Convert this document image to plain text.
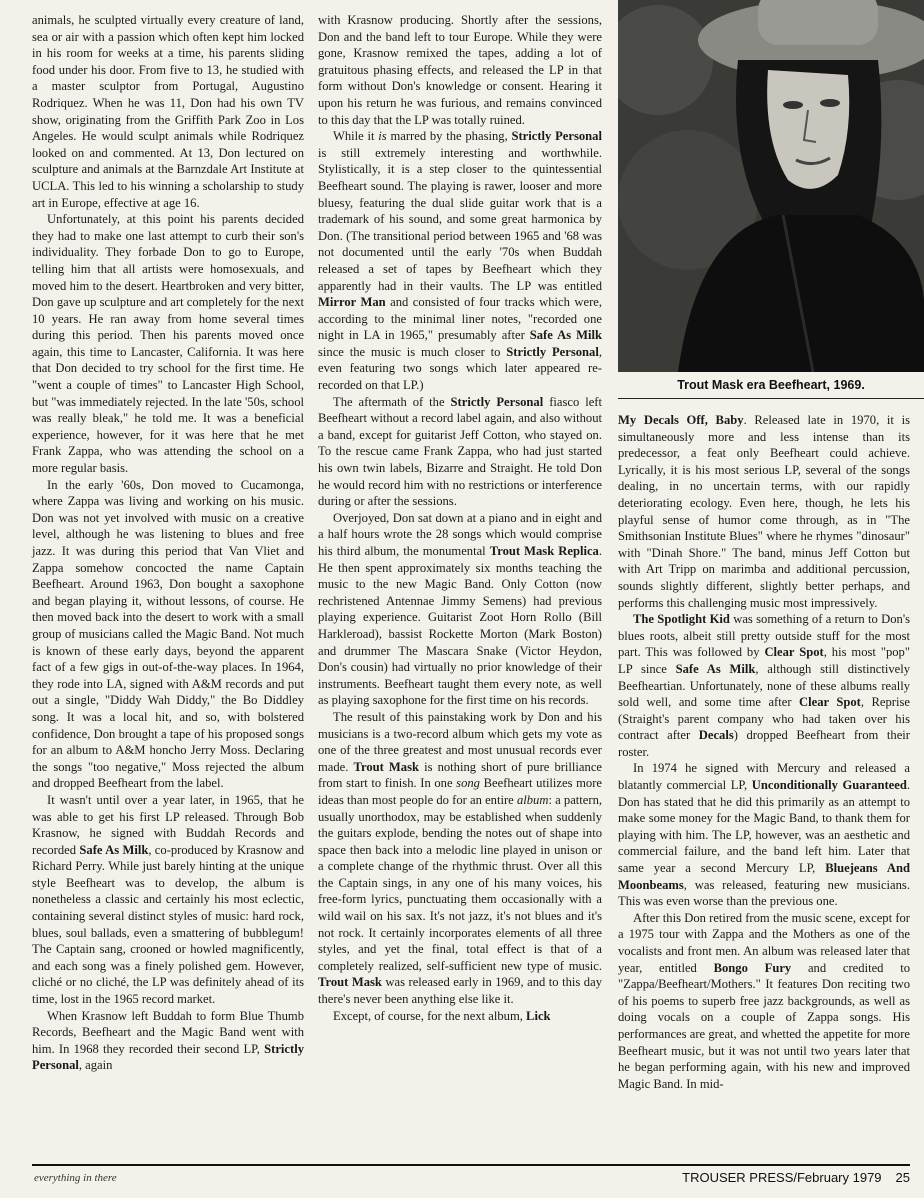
animals, he sculpted virtually every creature of land, sea or air with a passion which often kept him locked in his room for weeks at a time, his parents sliding food under his door. From five to 13, he studied with a master sculptor from Portugal, Augustino Rodriquez. When he was 11, Don had his own TV show, originating from the Griffith Park Zoo in Los Angeles. He would sculpt animals while Rodriquez looked on and commented. At 13, Don lectured on sculpture and animals at the Barnzdale Art Institute at UCLA. This led to his winning a scholarship to study art in Europe, effective at age 16.

Unfortunately, at this point his parents decided they had to make one last attempt to curb their son's individuality. They forbade Don to go to Europe, telling him that all artists were homosexuals, and moved him to the desert. Heartbroken and very bitter, Don gave up sculpture and art completely for the next 10 years. He ran away from home several times during this period. Then his parents moved once again, this time to Lancaster, California. It was here that Don decided to try school for the first time. He "went a couple of times" to Lancaster High School, but "was immediately rejected. In the late '50s, school was really bleak," he told me. It was a beneficial experience, however, for it was here that he met Frank Zappa, who was attending the school on a more regular basis.

In the early '60s, Don moved to Cucamonga, where Zappa was living and working on his music. Don was not yet involved with music on a creative level, although he was listening to blues and free jazz. It was during this period that Van Vliet and Zappa somehow concocted the name Captain Beefheart. Around 1963, Don bought a saxophone and began playing it, without lessons, of course. He then moved back into the desert to work with a small group of musicians called the Magic Band. Not much is known of these early days, beyond the apparent fact of a few gigs in out-of-the-way places. In 1964, they rode into LA, signed with A&M records and put out a single, "Diddy Wah Diddy," the Bo Diddley song. It was a local hit, and so, with bolstered confidence, Don brought a tape of his proposed songs for an album to A&M honcho Jerry Moss. Declaring the songs "too negative," Moss rejected the album and dropped Beefheart from the label.

It wasn't until over a year later, in 1965, that he was able to get his first LP released. Through Bob Krasnow, he signed with Buddah Records and recorded Safe As Milk, co-produced by Krasnow and Richard Perry. While just barely hinting at the unique style Beefheart was to develop, the album is nonetheless a classic and certainly his most eclectic, containing several distinct styles of music: hard rock, blues, soul ballads, even a smattering of bubblegum! The Captain sang, crooned or howled magnificently, and each song was a finely polished gem. However, cliché or no cliché, the LP was definitely ahead of its time, lost in the 1965 record market.

When Krasnow left Buddah to form Blue Thumb Records, Beefheart and the Magic Band went with him. In 1968 they recorded their second LP, Strictly Personal, again

with Krasnow producing. Shortly after the sessions, Don and the band left to tour Europe. While they were gone, Krasnow remixed the tapes, adding a lot of gratuitous phasing effects, and released the LP in that form without Don's knowledge or consent. Hearing it upon his return he was furious, and remains convinced to this day that the LP was totally ruined.

While it is marred by the phasing, Strictly Personal is still extremely interesting and worthwhile. Stylistically, it is a step closer to the quintessential Beefheart sound. The playing is rawer, looser and more bluesy, featuring the dual slide guitar work that is a trademark of his sound, and some great harmonica by Don. (The transitional period between 1965 and '68 was not documented until the early '70s when Buddah released a set of tapes by Beefheart which they apparently had in their vaults. The LP was entitled Mirror Man and consisted of four tracks which were, according to the minimal liner notes, "recorded one night in LA in 1965," presumably after Safe As Milk since the music is much closer to Strictly Personal, even featuring two songs which later appeared re-recorded on that LP.)

The aftermath of the Strictly Personal fiasco left Beefheart without a record label again, and also without a band, except for guitarist Jeff Cotton, who stayed on. To the rescue came Frank Zappa, who had just started his own twin labels, Bizarre and Straight. He told Don he would record him with no restrictions or interference during or after the sessions.

Overjoyed, Don sat down at a piano and in eight and a half hours wrote the 28 songs which would comprise his third album, the monumental Trout Mask Replica. He then spent approximately six months teaching the music to the new Magic Band. Only Cotton (now rechristened Antennae Jimmy Semens) had previous playing experience. Guitarist Zoot Horn Rollo (Bill Harkleroad), bassist Rockette Morton (Mark Boston) and drummer The Mascara Snake (Victor Heydon, Don's cousin) had virtually no prior knowledge of their instruments. Beefheart taught them every note, as well as playing saxophone for the first time on his records.

The result of this painstaking work by Don and his musicians is a two-record album which gets my vote as one of the three greatest and most unusual records ever made. Trout Mask is nothing short of pure brilliance from start to finish. In one song Beefheart utilizes more ideas than most people do for an entire album: a pattern, usually unorthodox, may be established when suddenly the guitars explode, bending the notes out of shape into space then back into a melodic line played in unison or a complete change of the rhythmic thrust. Over all this the Captain sings, in any one of his many voices, his free-form lyrics, punctuating them occasionally with a wild wail on his sax. It's not jazz, it's not blues and it's not rock. It certainly incorporates elements of all three styles, and yet the final, total effect is that of a completely realized, self-sufficient new type of music. Trout Mask was released early in 1969, and to this day there's never been anything else like it.

Except, of course, for the next album, Lick

Trout Mask era Beefheart, 1969.

My Decals Off, Baby. Released late in 1970, it is simultaneously more and less intense than its predecessor, a feat only Beefheart could achieve. Lyrically, it is his most serious LP, several of the songs dealing, in no uncertain terms, with our rapidly deteriorating ecology. Even here, though, he lets his playful sense of humor come through, as in "The Smithsonian Institute Blues" where he rhymes "dinosaur" with "Dinah Shore." The band, minus Jeff Cotton but with Art Tripp on marimba and additional percussion, sounds slightly different, slightly better perhaps, and performs this challenging music most impressively.

The Spotlight Kid was something of a return to Don's blues roots, albeit still pretty outside stuff for the most part. This was followed by Clear Spot, his most "pop" LP since Safe As Milk, although still distinctively Beefheartian. Unfortunately, none of these albums really sold well, and some time after Clear Spot, Reprise (Straight's parent company who had taken over his contract after Decals) dropped Beefheart from their roster.

In 1974 he signed with Mercury and released a blatantly commercial LP, Unconditionally Guaranteed. Don has stated that he did this primarily as an attempt to make some money for the Magic Band, to thank them for playing with him. The LP, however, was an aesthetic and commercial failure, and the band left him. Later that same year a second Mercury LP, Bluejeans And Moonbeams, was released, featuring new musicians. This was even worse than the previous one.

After this Don retired from the music scene, except for a 1975 tour with Zappa and the Mothers as one of the vocalists and front men. An album was released later that year, entitled Bongo Fury and credited to "Zappa/Beefheart/Mothers." It features Don reciting two of his poems to superb free jazz backgrounds, as well as doing vocals on a couple of Zappa songs. His performances are great, and whetted the appetite for more Beefheart music, but it was not until two years later that he began performing again, with his new and improved Magic Band. In mid-

everything in there	TROUSER PRESS/February 1979 25
